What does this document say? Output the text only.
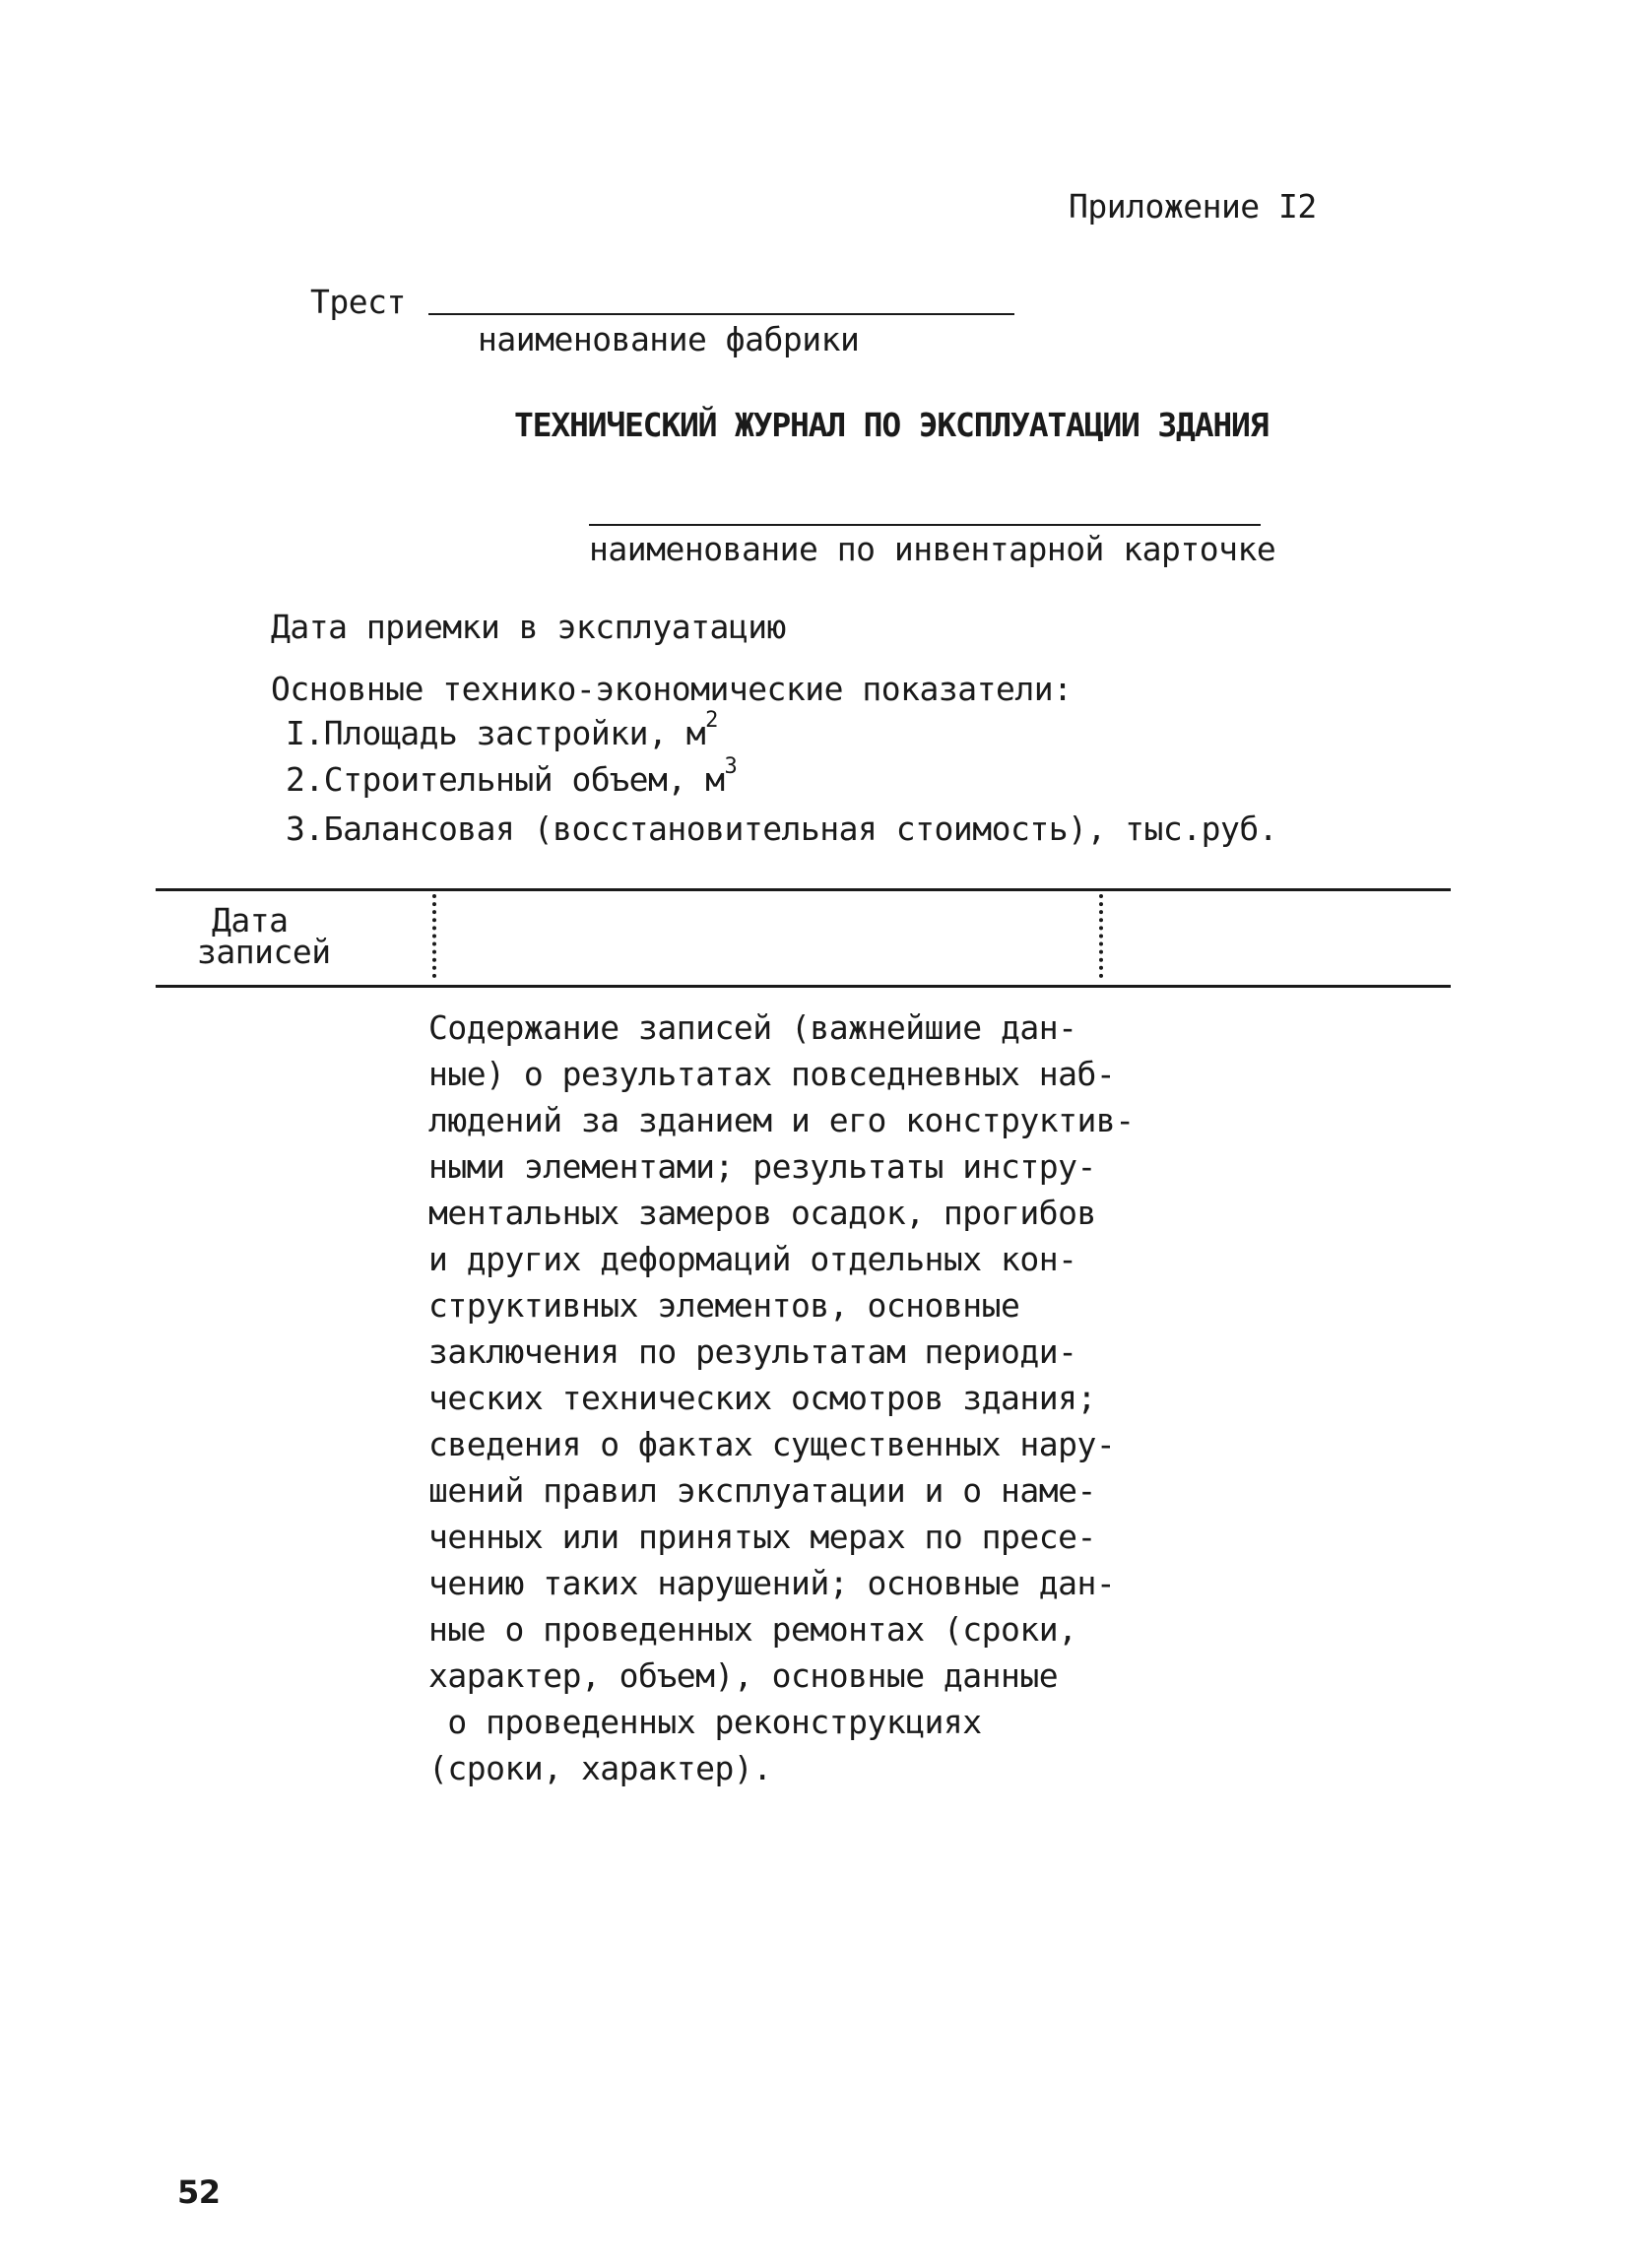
Приложение I2
Трест
наименование фабрики
ТЕХНИЧЕСКИЙ ЖУРНАЛ ПО ЭКСПЛУАТАЦИИ ЗДАНИЯ
наименование по инвентарной карточке
Дата приемки в эксплуатацию
Основные технико-экономические показатели:
I.Площадь застройки, $м^2$
2.Строительный объем, $м^3$
3.Балансовая (восстановительная стоимость), тыс.руб.
Дата
записей
Содержание записей (важнейшие дан-
ные) о результатах повседневных наб-
людений за зданием и его конструктив-
ными элементами; результаты инстру-
ментальных замеров осадок, прогибов
и других деформаций отдельных кон-
структивных элементов, основные
заключения по результатам периоди-
ческих технических осмотров здания;
сведения о фактах существенных нару-
шений правил эксплуатации и о наме-
ченных или принятых мерах по пресе-
чению таких нарушений; основные дан-
ные о проведенных ремонтах (сроки,
характер, объем), основные данные
о проведенных реконструкциях
(сроки, характер).
52
